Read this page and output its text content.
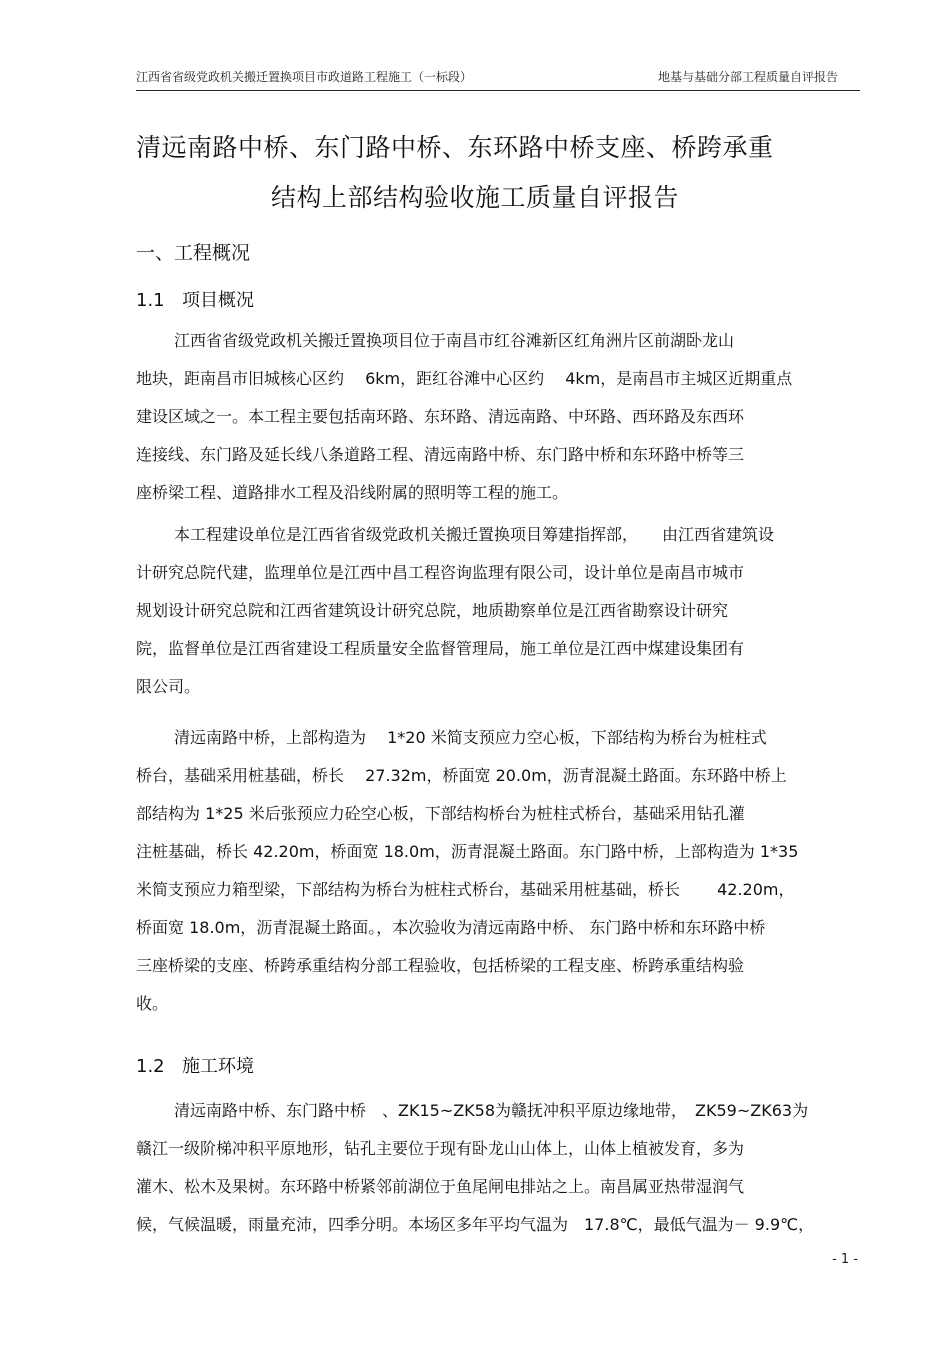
江西省省级党政机关搬迁置换项目市政道路工程施工（一标段）	地基与基础分部工程质量自评报告
清远南路中桥、东门路中桥、东环路中桥支座、桥跨承重
结构上部结构验收施工质量自评报告
一、工程概况
1.1 项目概况
江西省省级党政机关搬迁置换项目位于南昌市红谷滩新区红角洲片区前湖卧龙山
地块，距南昌市旧城核心区约　 6km，距红谷滩中心区约　 4km，是南昌市主城区近期重点
建设区域之一。本工程主要包括南环路、东环路、清远南路、中环路、西环路及东西环
连接线、东门路及延长线八条道路工程、清远南路中桥、东门路中桥和东环路中桥等三
座桥梁工程、道路排水工程及沿线附属的照明等工程的施工。
本工程建设单位是江西省省级党政机关搬迁置换项目筹建指挥部，　　由江西省建筑设
计研究总院代建，监理单位是江西中昌工程咨询监理有限公司，设计单位是南昌市城市
规划设计研究总院和江西省建筑设计研究总院，地质勘察单位是江西省勘察设计研究
院，监督单位是江西省建设工程质量安全监督管理局，施工单位是江西中煤建设集团有
限公司。
清远南路中桥，上部构造为　 1*20 米简支预应力空心板，下部结构为桥台为桩柱式
桥台，基础采用桩基础，桥长　 27.32m，桥面宽 20.0m，沥青混凝土路面。东环路中桥上
部结构为 1*25 米后张预应力砼空心板，下部结构桥台为桩柱式桥台，基础采用钻孔灌
注桩基础，桥长 42.20m，桥面宽 18.0m，沥青混凝土路面。东门路中桥，上部构造为 1*35
米简支预应力箱型梁，下部结构为桥台为桩柱式桥台，基础采用桩基础，桥长　　 42.20m，
桥面宽 18.0m，沥青混凝土路面。，本次验收为清远南路中桥、 东门路中桥和东环路中桥
三座桥梁的支座、桥跨承重结构分部工程验收，包括桥梁的工程支座、桥跨承重结构验
收。
1.2 施工环境
清远南路中桥、东门路中桥　、ZK15~ZK58为赣抚冲积平原边缘地带，　ZK59~ZK63为
赣江一级阶梯冲积平原地形，钻孔主要位于现有卧龙山山体上，山体上植被发育，多为
灌木、松木及果树。东环路中桥紧邻前湖位于鱼尾闸电排站之上。南昌属亚热带湿润气
候，气候温暖，雨量充沛，四季分明。本场区多年平均气温为　17.8℃，最低气温为－ 9.9℃，
- 1 -
